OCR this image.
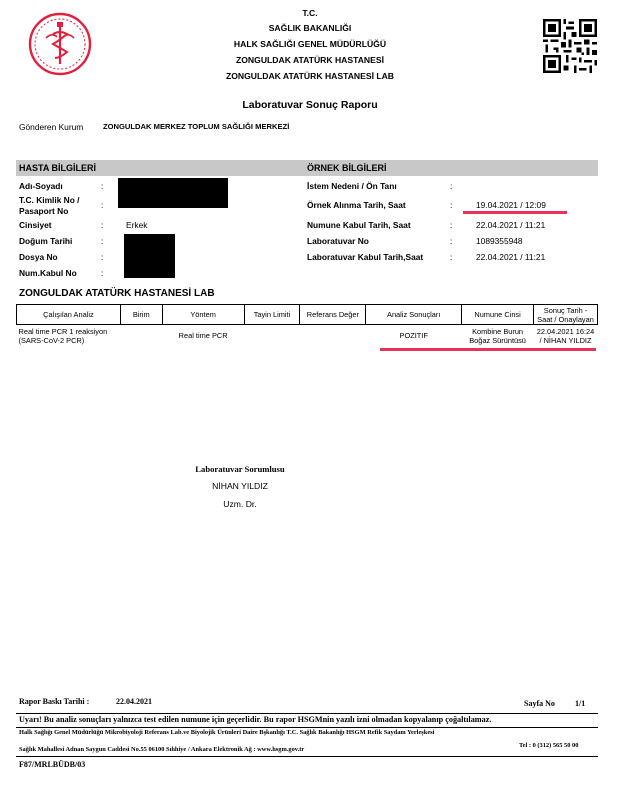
T.C.
SAĞLIK BAKANLIĞI
HALK SAĞLIĞI GENEL MÜDÜRLÜĞÜ
ZONGULDAK ATATÜRK HASTANESİ
ZONGULDAK ATATÜRK HASTANESİ LAB
Laboratuvar Sonuç Raporu
Gönderen Kurum	ZONGULDAK MERKEZ TOPLUM SAĞLIĞI MERKEZİ
HASTA BİLGİLERİ	ÖRNEK BİLGİLERİ
Adı-Soyadı	:
T.C. Kimlik No / Pasaport No
:
Cinsiyet	:	Erkek
Doğum Tarihi	:
Dosya No	:
Num.Kabul No	:
İstem Nedeni / Ön Tanı	:
Örnek Alınma Tarih, Saat	:	19.04.2021 / 12:09
Numune Kabul Tarih, Saat	:	22.04.2021 / 11:21
Laboratuvar No	:	1089355948
Laboratuvar Kabul Tarih,Saat	:	22.04.2021 / 11:21
ZONGULDAK ATATÜRK HASTANESİ LAB
Çalışılan Analiz	Birim	Yöntem	Tayin Limiti	Referans Değer	Analiz Sonuçları	Numune Cinsi	Sonuç Tarih - Saat / Onaylayan
Real time PCR 1 reaksiyon (SARS-CoV-2 PCR)		Real time PCR			POZITIF	Kombine Burun Boğaz Sürüntüsü	22.04.2021 16:24 / NİHAN YILDIZ
Laboratuvar Sorumlusu
NİHAN YILDIZ
Uzm. Dr.
Rapor Baskı Tarihi :	22.04.2021	Sayfa No	1/1
Uyarı! Bu analiz sonuçları yalnızca test edilen numune için geçerlidir. Bu rapor HSGMnin yazılı izni olmadan kopyalanıp çoğaltılamaz.
Halk Sağlığı Genel Müdürlüğü Mikrobiyoloji Referans Lab.ve Biyolojik Ürünleri Daire Bşkanlığı T.C. Sağlık Bakanlığı HSGM Refik Saydam Yerleşkesi
Sağlık Mahallesi Adnan Saygun Caddesi No.55 06100 Sıhhiye / Ankara Elektronik Ağ : www.hsgm.gov.tr
Tel : 0 (312) 565 50 00
F87/MRLBÜDB/03
